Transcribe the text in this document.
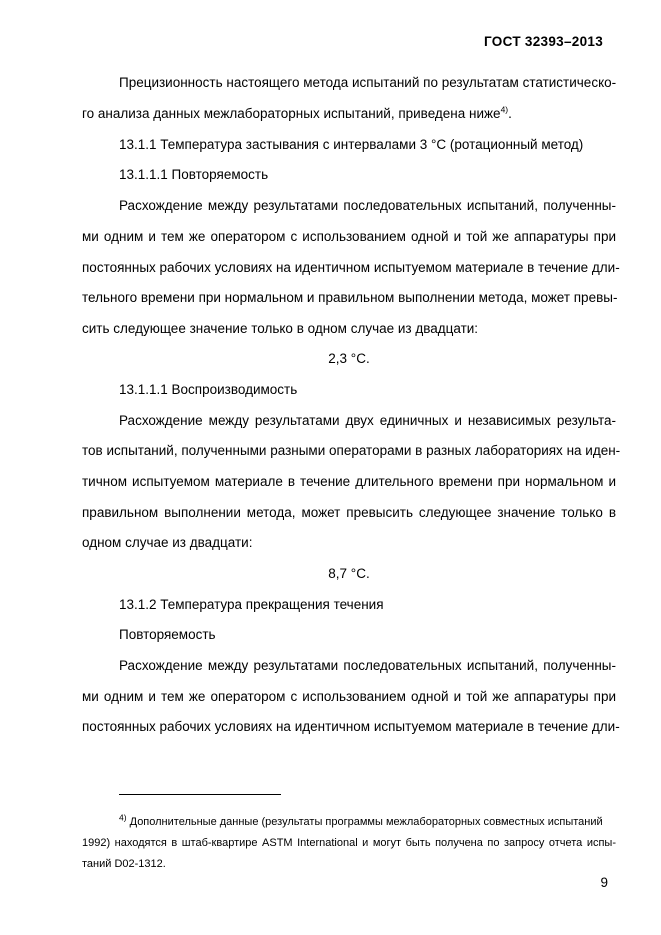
ГОСТ 32393–2013
Прецизионность настоящего метода испытаний по результатам статистическо-
го анализа данных межлабораторных испытаний, приведена ниже$^{4)}$.
13.1.1 Температура застывания с интервалами 3 °С (ротационный метод)
13.1.1.1 Повторяемость
Расхождение между результатами последовательных испытаний, полученны-
ми одним и тем же оператором с использованием одной и той же аппаратуры при
постоянных рабочих условиях на идентичном испытуемом материале в течение дли-
тельного времени при нормальном и правильном выполнении метода, может превы-
сить следующее значение только в одном случае из двадцати:
2,3 °С.
13.1.1.1 Воспроизводимость
Расхождение между результатами двух единичных и независимых результа-
тов испытаний, полученными разными операторами в разных лабораториях на иден-
тичном испытуемом материале в течение длительного времени при нормальном и
правильном выполнении метода, может превысить следующее значение только в
одном случае из двадцати:
8,7 °С.
13.1.2 Температура прекращения течения
Повторяемость
Расхождение между результатами последовательных испытаний, полученны-
ми одним и тем же оператором с использованием одной и той же аппаратуры при
постоянных рабочих условиях на идентичном испытуемом материале в течение дли-
$^{4)}$ Дополнительные данные (результаты программы межлабораторных совместных испытаний
1992) находятся в штаб-квартире ASTM International и могут быть получена по запросу отчета испы-
таний D02-1312.
9
